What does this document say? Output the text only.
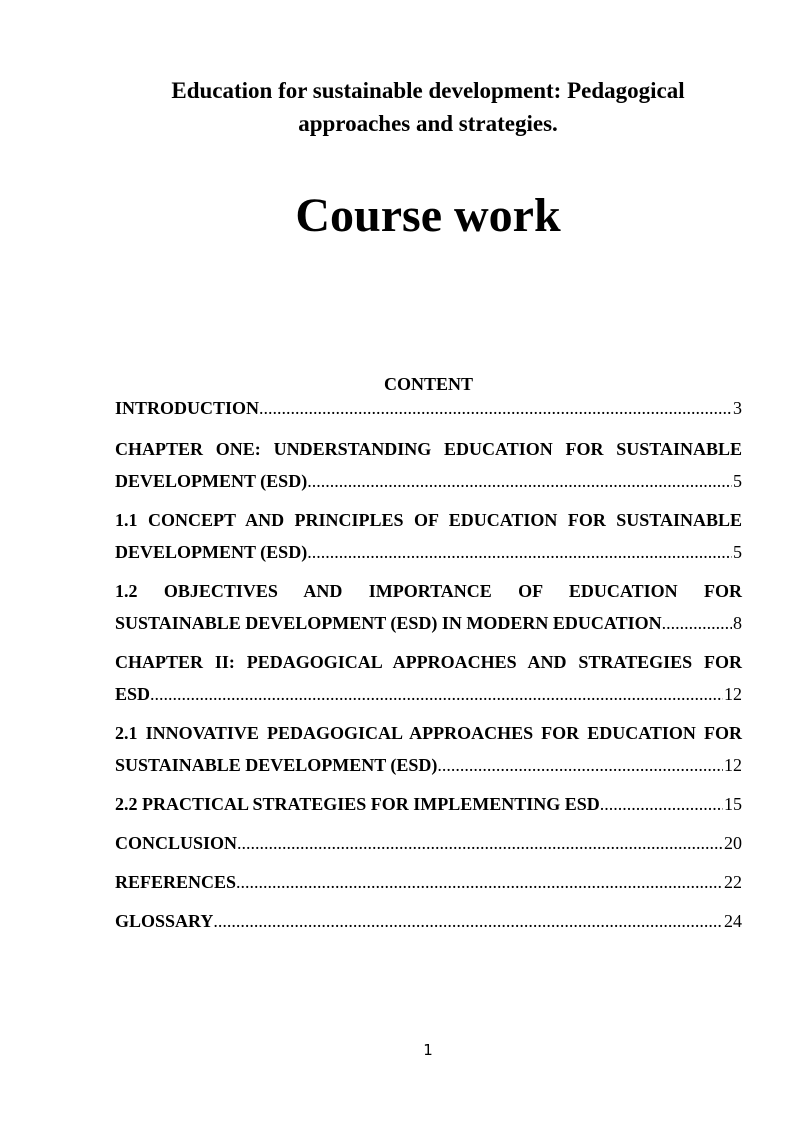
Education for sustainable development: Pedagogical
approaches and strategies.
Course work
CONTENT
INTRODUCTION .....	3
CHAPTER ONE: UNDERSTANDING EDUCATION FOR SUSTAINABLE
DEVELOPMENT (ESD) .....	5
1.1 CONCEPT AND PRINCIPLES OF EDUCATION FOR SUSTAINABLE
DEVELOPMENT (ESD) .....	5
1.2 OBJECTIVES AND IMPORTANCE OF EDUCATION FOR
SUSTAINABLE DEVELOPMENT (ESD) IN MODERN EDUCATION .....	8
CHAPTER II: PEDAGOGICAL APPROACHES AND STRATEGIES FOR
ESD .....	12
2.1 INNOVATIVE PEDAGOGICAL APPROACHES FOR EDUCATION FOR
SUSTAINABLE DEVELOPMENT (ESD) .....	12
2.2 PRACTICAL STRATEGIES FOR IMPLEMENTING ESD .....	15
CONCLUSION .....	20
REFERENCES .....	22
GLOSSARY .....	24
1
